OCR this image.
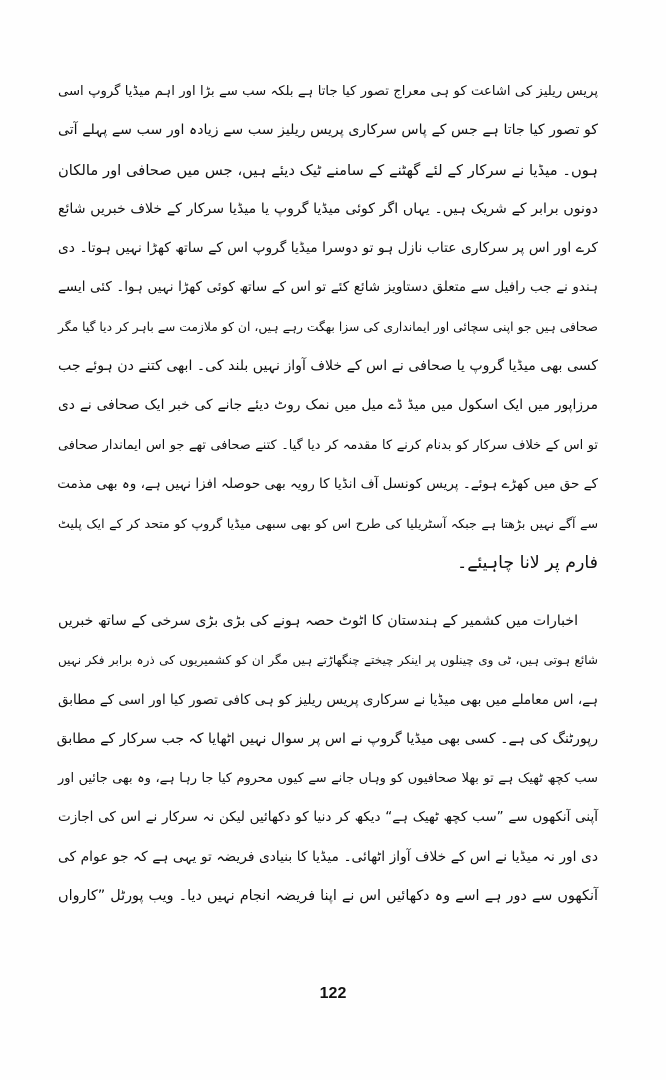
پریس ریلیز کی اشاعت کو ہی معراج تصور کیا جاتا ہے بلکہ سب سے بڑا اور اہم میڈیا گروپ اسی
کو تصور کیا جاتا ہے جس کے پاس سرکاری پریس ریلیز سب سے زیادہ اور سب سے پہلے آتی
ہوں۔ میڈیا نے سرکار کے لئے گھٹنے کے سامنے ٹیک دیئے ہیں، جس میں صحافی اور مالکان
دونوں برابر کے شریک ہیں۔ یہاں اگر کوئی میڈیا گروپ یا میڈیا سرکار کے خلاف خبریں شائع
کرے اور اس پر سرکاری عتاب نازل ہو تو دوسرا میڈیا گروپ اس کے ساتھ کھڑا نہیں ہوتا۔ دی
ہندو نے جب رافیل سے متعلق دستاویز شائع کئے تو اس کے ساتھ کوئی کھڑا نہیں ہوا۔ کئی ایسے
صحافی ہیں جو اپنی سچائی اور ایمانداری کی سزا بھگت رہے ہیں، ان کو ملازمت سے باہر کر دیا گیا مگر
کسی بھی میڈیا گروپ یا صحافی نے اس کے خلاف آواز نہیں بلند کی۔ ابھی کتنے دن ہوئے جب
مرزاپور میں ایک اسکول میں میڈ ڈے میل میں نمک روٹ دیئے جانے کی خبر ایک صحافی نے دی
تو اس کے خلاف سرکار کو بدنام کرنے کا مقدمہ کر دیا گیا۔ کتنے صحافی تھے جو اس ایماندار صحافی
کے حق میں کھڑے ہوئے۔ پریس کونسل آف انڈیا کا رویہ بھی حوصلہ افزا نہیں ہے، وہ بھی مذمت
سے آگے نہیں بڑھتا ہے جبکہ آسٹریلیا کی طرح اس کو بھی سبھی میڈیا گروپ کو متحد کر کے ایک پلیٹ
فارم پر لانا چاہیئے۔
اخبارات میں کشمیر کے ہندستان کا اٹوٹ حصہ ہونے کی بڑی بڑی سرخی کے ساتھ خبریں
شائع ہوتی ہیں، ٹی وی چینلوں پر اینکر چیختے چنگھاڑتے ہیں مگر ان کو کشمیریوں کی ذرہ برابر فکر نہیں
ہے، اس معاملے میں بھی میڈیا نے سرکاری پریس ریلیز کو ہی کافی تصور کیا اور اسی کے مطابق
رپورٹنگ کی ہے۔ کسی بھی میڈیا گروپ نے اس پر سوال نہیں اٹھایا کہ جب سرکار کے مطابق
سب کچھ ٹھیک ہے تو بھلا صحافیوں کو وہاں جانے سے کیوں محروم کیا جا رہا ہے، وہ بھی جائیں اور
آپنی آنکھوں سے ”سب کچھ ٹھیک ہے“ دیکھ کر دنیا کو دکھائیں لیکن نہ سرکار نے اس کی اجازت
دی اور نہ میڈیا نے اس کے خلاف آواز اٹھائی۔ میڈیا کا بنیادی فریضہ تو یہی ہے کہ جو عوام کی
آنکھوں سے دور ہے اسے وہ دکھائیں اس نے اپنا فریضہ انجام نہیں دیا۔ ویب پورٹل ”کارواں
122
